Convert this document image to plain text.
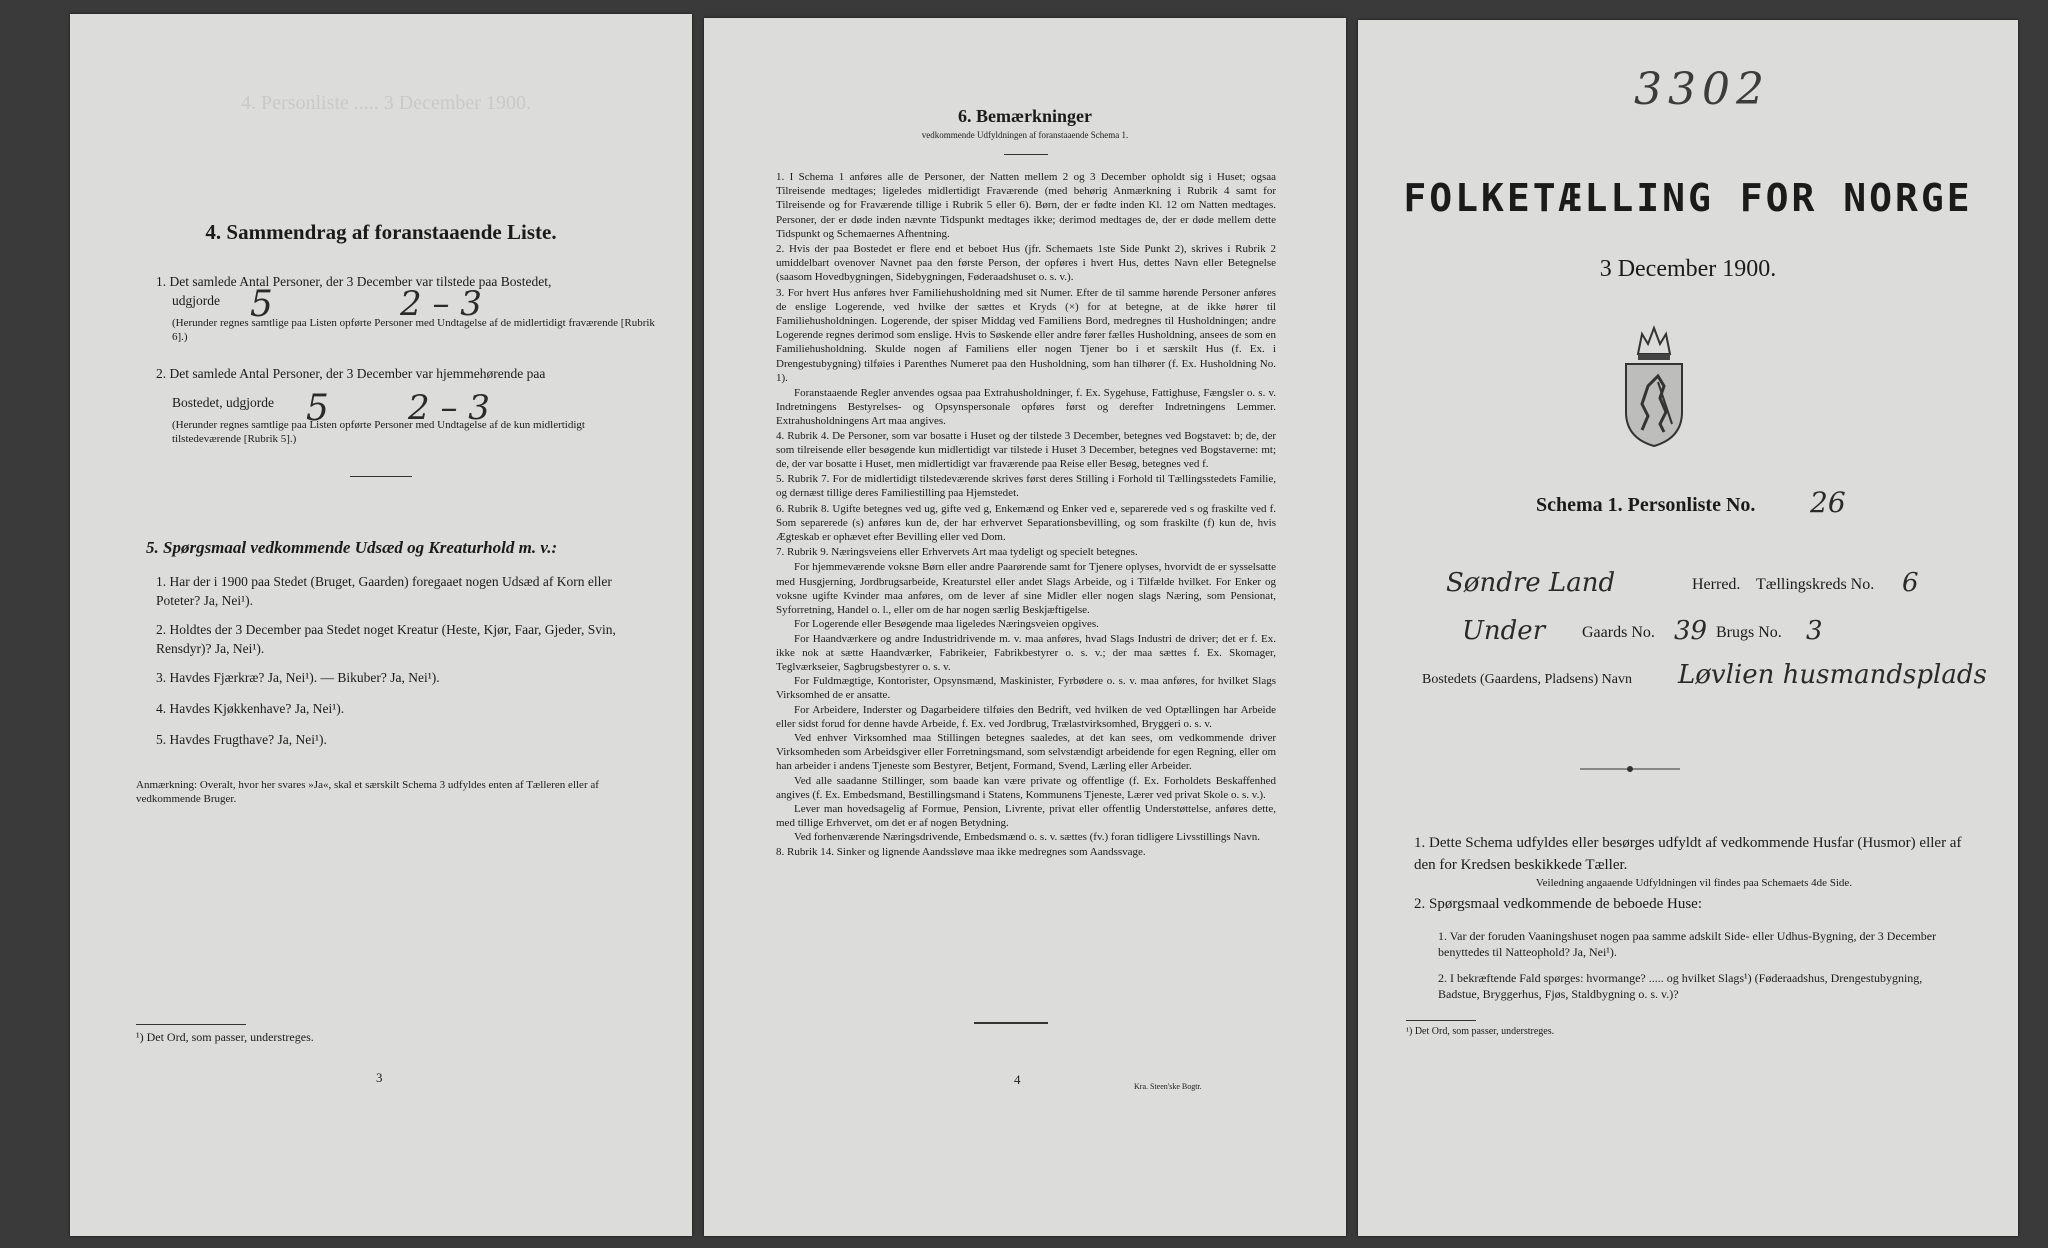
4. Personliste ..... 3 December 1900.
4. Sammendrag af foranstaaende Liste.

1. Det samlede Antal Personer, der 3 December var tilstede paa Bostedet,

udgjorde

(Herunder regnes samtlige paa Listen opførte Personer med Undtagelse af de midlertidigt fraværende [Rubrik 6].)

5	2 – 3

2. Det samlede Antal Personer, der 3 December var hjemmehørende paa

Bostedet, udgjorde

(Herunder regnes samtlige paa Listen opførte Personer med Undtagelse af de kun midlertidigt tilstedeværende [Rubrik 5].)

5 2 – 3
5. Spørgsmaal vedkommende Udsæd og Kreaturhold m. v.:

1. Har der i 1900 paa Stedet (Bruget, Gaarden) foregaaet nogen Udsæd af Korn eller Poteter? Ja, Nei¹).

2. Holdtes der 3 December paa Stedet noget Kreatur (Heste, Kjør, Faar, Gjeder, Svin, Rensdyr)? Ja, Nei¹).

3. Havdes Fjærkræ? Ja, Nei¹). — Bikuber? Ja, Nei¹).

4. Havdes Kjøkkenhave? Ja, Nei¹).

5. Havdes Frugthave? Ja, Nei¹).

Anmærkning: Overalt, hvor her svares »Ja«, skal et særskilt Schema 3 udfyldes enten af Tælleren eller af vedkommende Bruger.
¹) Det Ord, som passer, understreges.
3
6. Bemærkninger
vedkommende Udfyldningen af foranstaaende Schema 1.

1. I Schema 1 anføres alle de Personer, der Natten mellem 2 og 3 December opholdt sig i Huset; ogsaa Tilreisende medtages; ligeledes midlertidigt Fraværende (med behørig Anmærkning i Rubrik 4 samt for Tilreisende og for Fraværende tillige i Rubrik 5 eller 6). Børn, der er fødte inden Kl. 12 om Natten medtages. Personer, der er døde inden nævnte Tidspunkt medtages ikke; derimod medtages de, der er døde mellem dette Tidspunkt og Schemaernes Afhentning.

2. Hvis der paa Bostedet er flere end et beboet Hus (jfr. Schemaets 1ste Side Punkt 2), skrives i Rubrik 2 umiddelbart ovenover Navnet paa den første Person, der opføres i hvert Hus, dettes Navn eller Betegnelse (saasom Hovedbygningen, Sidebygningen, Føderaadshuset o. s. v.).

3. For hvert Hus anføres hver Familiehusholdning med sit Numer. Efter de til samme hørende Personer anføres de enslige Logerende, ved hvilke der sættes et Kryds (×) for at betegne, at de ikke hører til Familiehusholdningen. Logerende, der spiser Middag ved Familiens Bord, medregnes til Husholdningen; andre Logerende regnes derimod som enslige. Hvis to Søskende eller andre fører fælles Husholdning, ansees de som en Familiehusholdning. Skulde nogen af Familiens eller nogen Tjener bo i et særskilt Hus (f. Ex. i Drengestubygning) tilføies i Parenthes Numeret paa den Husholdning, som han tilhører (f. Ex. Husholdning No. 1).

Foranstaaende Regler anvendes ogsaa paa Extrahusholdninger, f. Ex. Sygehuse, Fattighuse, Fængsler o. s. v. Indretningens Bestyrelses- og Opsynspersonale opføres først og derefter Indretningens Lemmer. Extrahusholdningens Art maa angives.

4. Rubrik 4. De Personer, som var bosatte i Huset og der tilstede 3 December, betegnes ved Bogstavet: b; de, der som tilreisende eller besøgende kun midlertidigt var tilstede i Huset 3 December, betegnes ved Bogstaverne: mt; de, der var bosatte i Huset, men midlertidigt var fraværende paa Reise eller Besøg, betegnes ved f.

5. Rubrik 7. For de midlertidigt tilstedeværende skrives først deres Stilling i Forhold til Tællingsstedets Familie, og dernæst tillige deres Familiestilling paa Hjemstedet.

6. Rubrik 8. Ugifte betegnes ved ug, gifte ved g, Enkemænd og Enker ved e, separerede ved s og fraskilte ved f. Som separerede (s) anføres kun de, der har erhvervet Separationsbevilling, og som fraskilte (f) kun de, hvis Ægteskab er ophævet efter Bevilling eller ved Dom.

7. Rubrik 9. Næringsveiens eller Erhvervets Art maa tydeligt og specielt betegnes.

For hjemmeværende voksne Børn eller andre Paarørende samt for Tjenere oplyses, hvorvidt de er sysselsatte med Husgjerning, Jordbrugsarbeide, Kreaturstel eller andet Slags Arbeide, og i Tilfælde hvilket. For Enker og voksne ugifte Kvinder maa anføres, om de lever af sine Midler eller nogen slags Næring, som Pensionat, Syforretning, Handel o. l., eller om de har nogen særlig Beskjæftigelse.

For Logerende eller Besøgende maa ligeledes Næringsveien opgives.

For Haandværkere og andre Industridrivende m. v. maa anføres, hvad Slags Industri de driver; det er f. Ex. ikke nok at sætte Haandværker, Fabrikeier, Fabrikbestyrer o. s. v.; der maa sættes f. Ex. Skomager, Teglværkseier, Sagbrugsbestyrer o. s. v.

For Fuldmægtige, Kontorister, Opsynsmænd, Maskinister, Fyrbødere o. s. v. maa anføres, for hvilket Slags Virksomhed de er ansatte.

For Arbeidere, Inderster og Dagarbeidere tilføies den Bedrift, ved hvilken de ved Optællingen har Arbeide eller sidst forud for denne havde Arbeide, f. Ex. ved Jordbrug, Trælastvirksomhed, Bryggeri o. s. v.

Ved enhver Virksomhed maa Stillingen betegnes saaledes, at det kan sees, om vedkommende driver Virksomheden som Arbeidsgiver eller Forretningsmand, som selvstændigt arbeidende for egen Regning, eller om han arbeider i andens Tjeneste som Bestyrer, Betjent, Formand, Svend, Lærling eller Arbeider.

Ved alle saadanne Stillinger, som baade kan være private og offentlige (f. Ex. Forholdets Beskaffenhed angives (f. Ex. Embedsmand, Bestillingsmand i Statens, Kommunens Tjeneste, Lærer ved privat Skole o. s. v.).

Lever man hovedsagelig af Formue, Pension, Livrente, privat eller offentlig Understøttelse, anføres dette, med tillige Erhvervet, om det er af nogen Betydning.

Ved forhenværende Næringsdrivende, Embedsmænd o. s. v. sættes (fv.) foran tidligere Livsstillings Navn.

8. Rubrik 14. Sinker og lignende Aandssløve maa ikke medregnes som Aandssvage.

4	Kra. Steen'ske Bogtr.
3302
FOLKETÆLLING FOR NORGE
3 December 1900.
Schema 1. Personliste No. 26
Søndre Land	Herred. Tællingskreds No. 6
Under Gaards No. 39 Brugs No. 3
Bostedets (Gaardens, Pladsens) Navn Løvlien husmandsplads

1. Dette Schema udfyldes eller besørges udfyldt af vedkommende Husfar (Husmor) eller af den for Kredsen beskikkede Tæller.

Veiledning angaaende Udfyldningen vil findes paa Schemaets 4de Side.

2. Spørgsmaal vedkommende de beboede Huse:

1. Var der foruden Vaaningshuset nogen paa samme adskilt Side- eller Udhus-Bygning, der 3 December benyttedes til Natteophold? Ja, Nei¹).

2. I bekræftende Fald spørges: hvormange? ..... og hvilket Slags¹) (Føderaadshus, Drengestubygning, Badstue, Bryggerhus, Fjøs, Staldbygning o. s. v.)?

¹) Det Ord, som passer, understreges.
